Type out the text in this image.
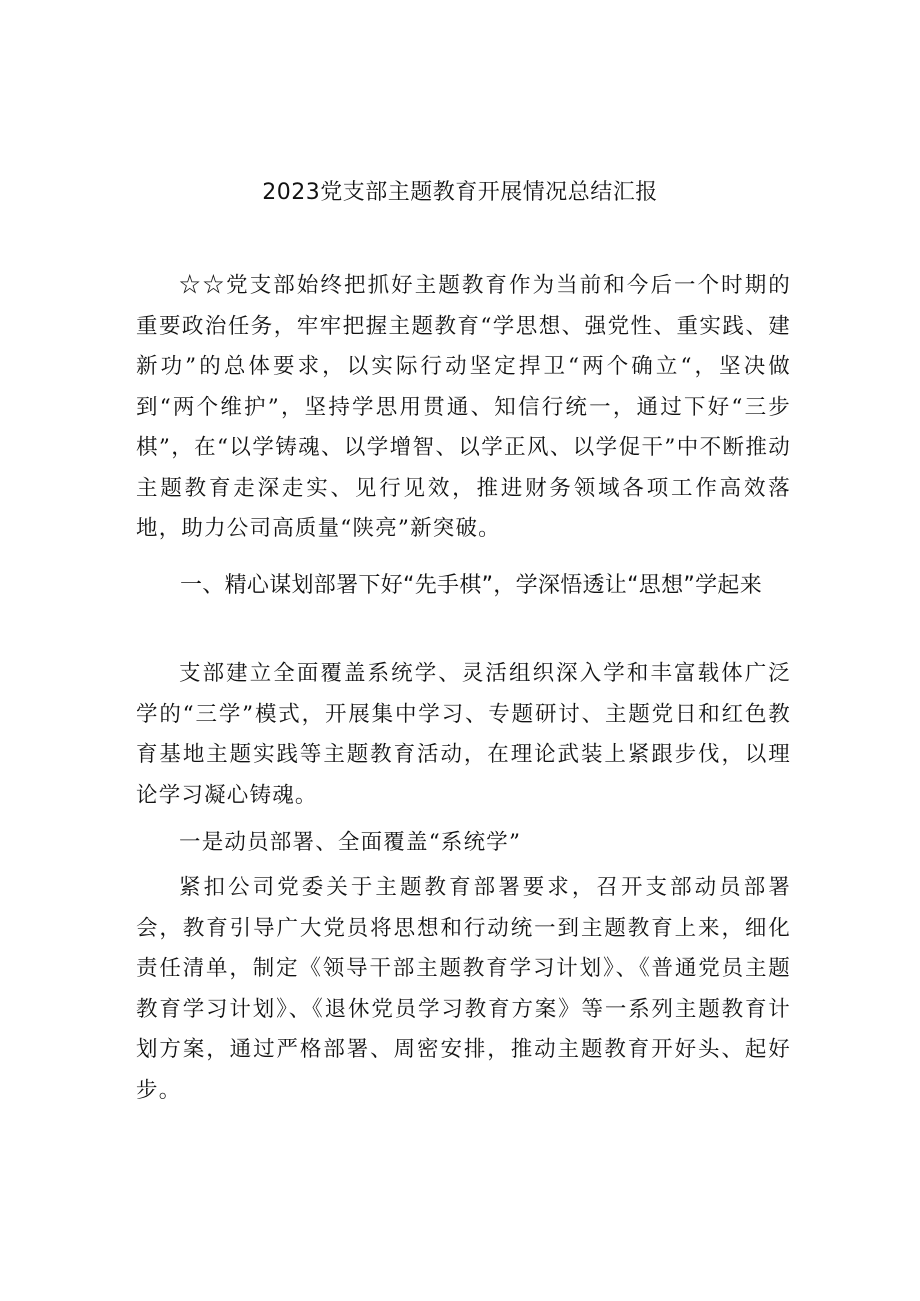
2023党支部主题教育开展情况总结汇报

☆☆党支部始终把抓好主题教育作为当前和今后一个时期的重要政治任务，牢牢把握主题教育“学思想、强党性、重实践、建新功”的总体要求，以实际行动坚定捍卫“两个确立“，坚决做到“两个维护”，坚持学思用贯通、知信行统一，通过下好“三步棋”，在“以学铸魂、以学增智、以学正风、以学促干”中不断推动主题教育走深走实、见行见效，推进财务领域各项工作高效落地，助力公司高质量“陕亮”新突破。

一、精心谋划部署下好“先手棋”，学深悟透让“思想”学起来

支部建立全面覆盖系统学、灵活组织深入学和丰富载体广泛学的“三学”模式，开展集中学习、专题研讨、主题党日和红色教育基地主题实践等主题教育活动，在理论武装上紧跟步伐，以理论学习凝心铸魂。

一是动员部署、全面覆盖“系统学”

紧扣公司党委关于主题教育部署要求，召开支部动员部署会，教育引导广大党员将思想和行动统一到主题教育上来，细化责任清单，制定《领导干部主题教育学习计划》、《普通党员主题教育学习计划》、《退休党员学习教育方案》等一系列主题教育计划方案，通过严格部署、周密安排，推动主题教育开好头、起好步。
